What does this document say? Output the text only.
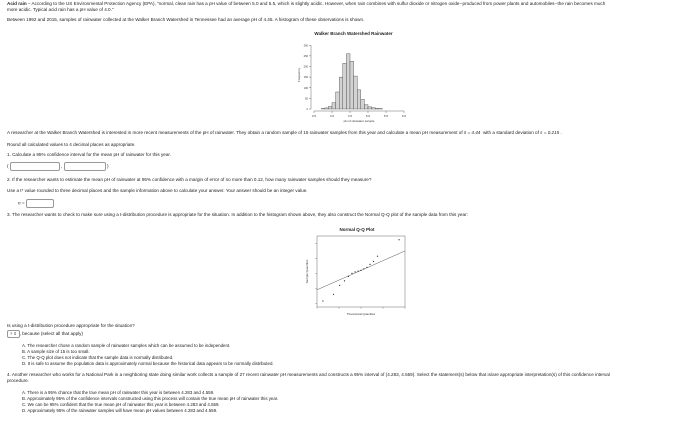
Acid rain – According to the US Environmental Protection Agency (EPA), "normal, clean rain has a pH value of between 5.0 and 5.5, which is slightly acidic. However, when rain combines with sulfur dioxide or nitrogen oxide--produced from power plants and automobiles--the rain becomes much
more acidic. Typical acid rain has a pH value of 4.0."
Between 1992 and 2015, samples of rainwater collected at the Walker Branch Watershed in Tennessee had an average pH of 4.45. A histogram of these observations is shown.
Walker Branch Watershed Rainwater
3.5	4.0	4.5	5.0	5.5	6.0
0
50
100
150
200
250
300
pH of rainwater sample
Frequency
A researcher at the Walker Branch Watershed is interested in more recent measurements of the pH of rainwater. They obtain a random sample of 15 rainwater samples from this year and calculate a mean pH measurement of x̄ = 4.44 with a standard deviation of s = 0.215 .
Round all calculated values to 4 decimal places as appropriate.
1. Calculate a 95% confidence interval for the mean pH of rainwater for this year.
(	,	)
2. If the researcher wants to estimate the mean pH of rainwater at 95% confidence with a margin of error of no more than 0.12, how many rainwater samples should they measure?
Use a t* value rounded to three decimal places and the sample information above to calculate your answer. Your answer should be an integer value.
n =
3. The researcher wants to check to make sure using a t-distribution procedure is appropriate for the situation. In addition to the histogram shown above, they also construct the Normal Q-Q plot of the sample data from this year:
Normal Q-Q Plot
Theoretical Quantiles
Sample Quantiles
Is using a t-distribution procedure appropriate for the situation?
? ⇕ , because (select all that apply)
A. The researcher chose a random sample of rainwater samples which can be assumed to be independent.
B. A sample size of 15 is too small.
C. The Q-Q plot does not indicate that the sample data is normally distributed.
D. It is safe to assume the population data is approximately normal because the historical data appears to be normally distributed.
4. Another researcher who works for a National Park in a neighboring state doing similar work collects a sample of 27 recent rainwater pH measurements and constructs a 95% interval of (4.283, 4.559). Select the statement(s) below that is/are appropriate interpretation(s) of this confidence interval
procedure.
A. There is a 95% chance that the true mean pH of rainwater this year is between 4.283 and 4.559.
B. Approximately 95% of the confidence intervals constructed using this process will contain the true mean pH of rainwater this year.
C. We can be 95% confident that the true mean pH of rainwater this year is between 4.283 and 4.559.
D. Approximately 95% of the rainwater samples will have mean pH values between 4.283 and 4.559.
